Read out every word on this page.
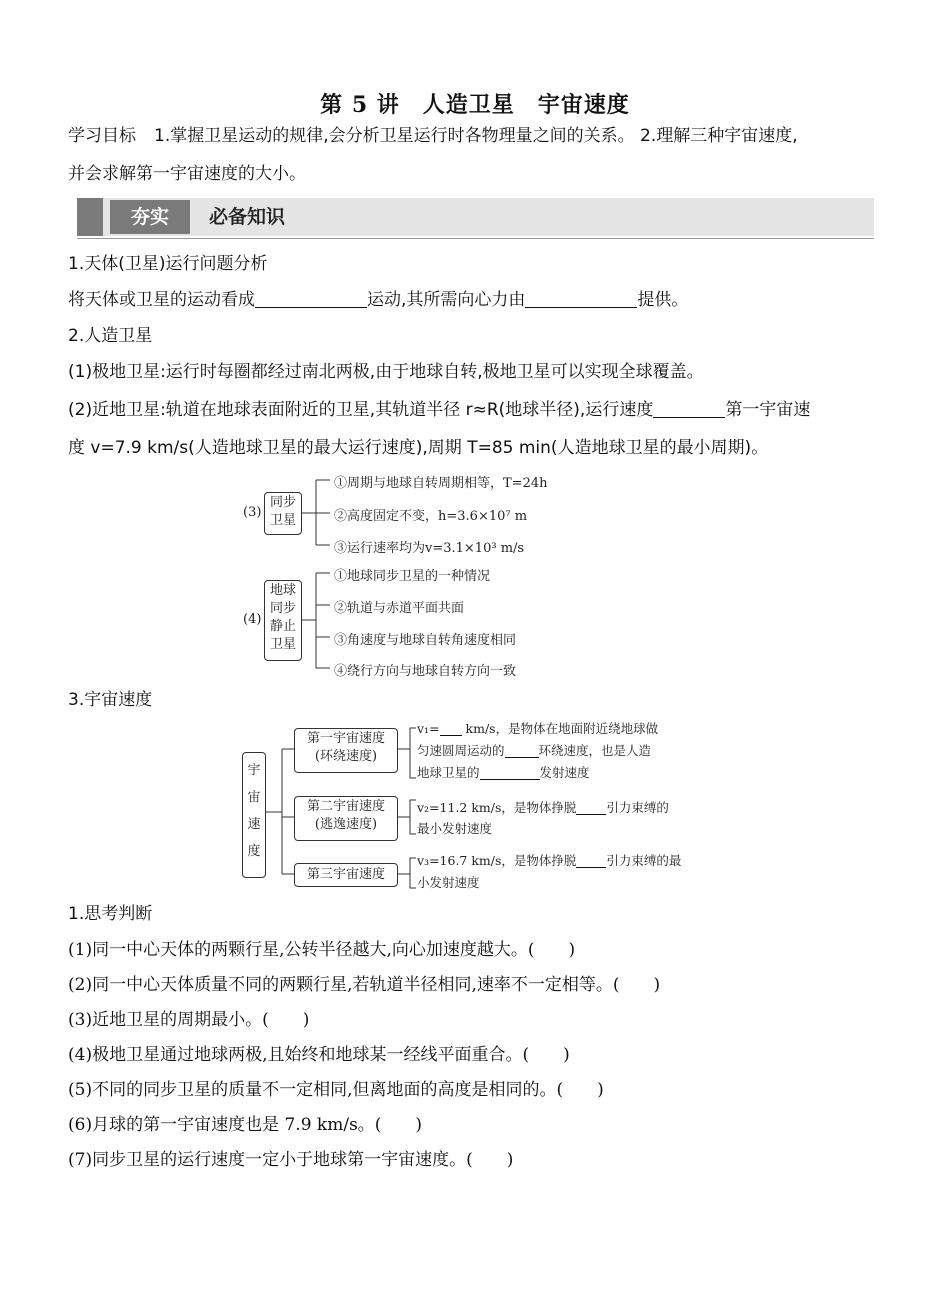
第 5 讲　人造卫星　宇宙速度
学习目标 1.掌握卫星运动的规律,会分析卫星运行时各物理量之间的关系。 2.理解三种宇宙速度,
并会求解第一宇宙速度的大小。
夯实	必备知识
1.天体(卫星)运行问题分析
将天体或卫星的运动看成	运动,其所需向心力由	提供。
2.人造卫星
(1)极地卫星:运行时每圈都经过南北两极,由于地球自转,极地卫星可以实现全球覆盖。
(2)近地卫星:轨道在地球表面附近的卫星,其轨道半径 r≈R(地球半径),运行速度	第一宇宙速
度 v=7.9 km/s(人造地球卫星的最大运行速度),周期 T=85 min(人造地球卫星的最小周期)。
(3)
同步
卫星
①周期与地球自转周期相等，T=24h
②高度固定不变，h=3.6×10⁷ m
③运行速率均为v=3.1×10³ m/s
(4)
地球
同步
静止
卫星
①地球同步卫星的一种情况
②轨道与赤道平面共面
③角速度与地球自转角速度相同
④绕行方向与地球自转方向一致
3.宇宙速度
宇
宙
速
度
第一宇宙速度
(环绕速度)
v₁= km/s，是物体在地面附近绕地球做
匀速圆周运动的	环绕速度，也是人造
地球卫星的	发射速度
第二宇宙速度
(逃逸速度)
v₂=11.2 km/s，是物体挣脱 引力束缚的
最小发射速度
第三宇宙速度
v₃=16.7 km/s，是物体挣脱 引力束缚的最
小发射速度
1.思考判断
(1)同一中心天体的两颗行星,公转半径越大,向心加速度越大。(　　)
(2)同一中心天体质量不同的两颗行星,若轨道半径相同,速率不一定相等。(　　)
(3)近地卫星的周期最小。(　　)
(4)极地卫星通过地球两极,且始终和地球某一经线平面重合。(　　)
(5)不同的同步卫星的质量不一定相同,但离地面的高度是相同的。(　　)
(6)月球的第一宇宙速度也是 7.9 km/s。(　　)
(7)同步卫星的运行速度一定小于地球第一宇宙速度。(　　)
